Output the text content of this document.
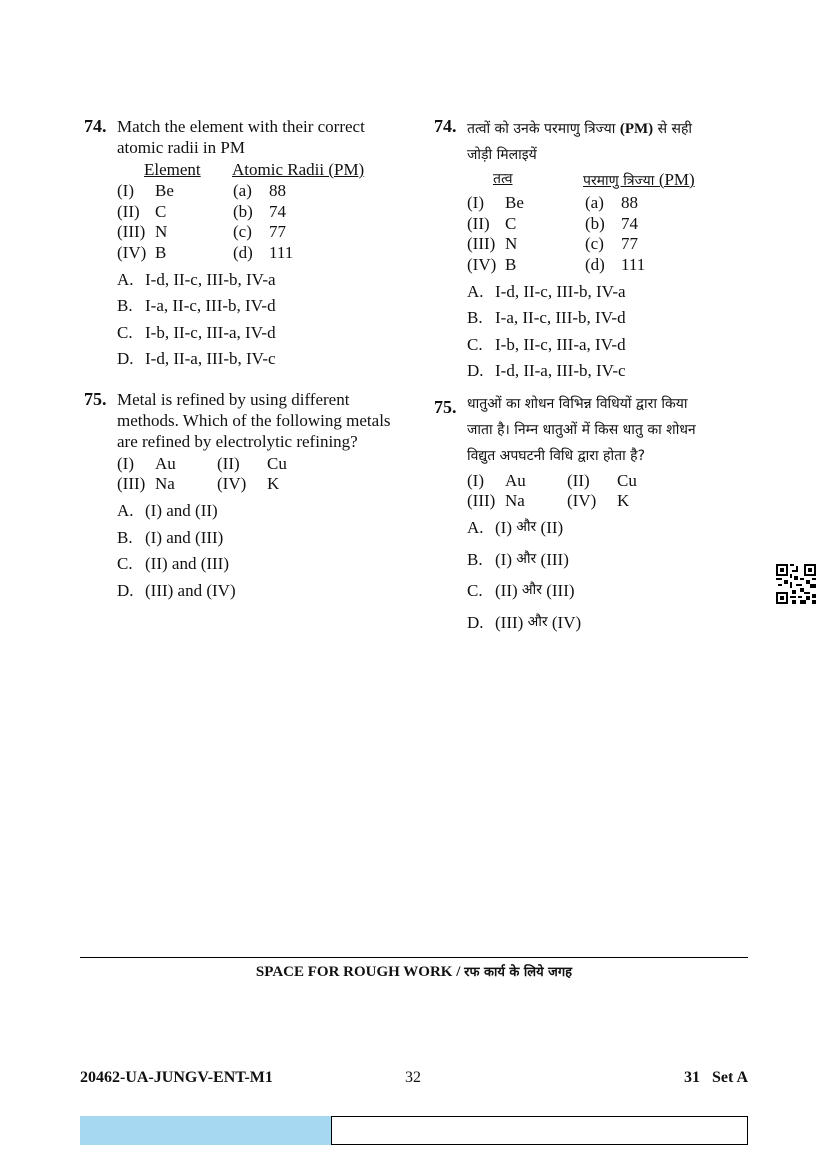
74. Match the element with their correct atomic radii in PM
Element	Atomic Radii (PM)
(I)	Be	(a)	88
(II) C	(b) 74
(III) N	(c)	77
(IV) B	(d) 111
A. I-d, II-c, III-b, IV-a
B. I-a, II-c, III-b, IV-d
C. I-b, II-c, III-a, IV-d
D. I-d, II-a, III-b, IV-c
75. Metal is refined by using different methods. Which of the following metals are refined by electrolytic refining?
(I)	Au	(II)	Cu
(III) Na	(IV)	K
A. (I) and (II)
B. (I) and (III)
C. (II) and (III)
D. (III) and (IV)
74. तत्वों को उनके परमाणु त्रिज्या (PM) से सही
जोड़ी मिलाइयें
तत्व	परमाणु त्रिज्या (PM)
(I)	Be	(a)	88
(II) C	(b) 74
(III) N	(c)	77
(IV) B	(d) 111
A. I-d, II-c, III-b, IV-a
B. I-a, II-c, III-b, IV-d
C. I-b, II-c, III-a, IV-d
D. I-d, II-a, III-b, IV-c
75. धातुओं का शोधन विभिन्न विधियों द्वारा किया
जाता है। निम्न धातुओं में किस धातु का शोधन
विद्युत अपघटनी विधि द्वारा होता है?
(I)	Au	(II)	Cu
(III) Na	(IV)	K
A. (I)
और
(II)
B. (I)
और
(III)
C. (II)
और
(III)
D. (III)
और
(IV)
SPACE FOR ROUGH WORK / रफ कार्य के लिये जगह
20462-UA-JUNGV-ENT-M1	32	31   Set A
